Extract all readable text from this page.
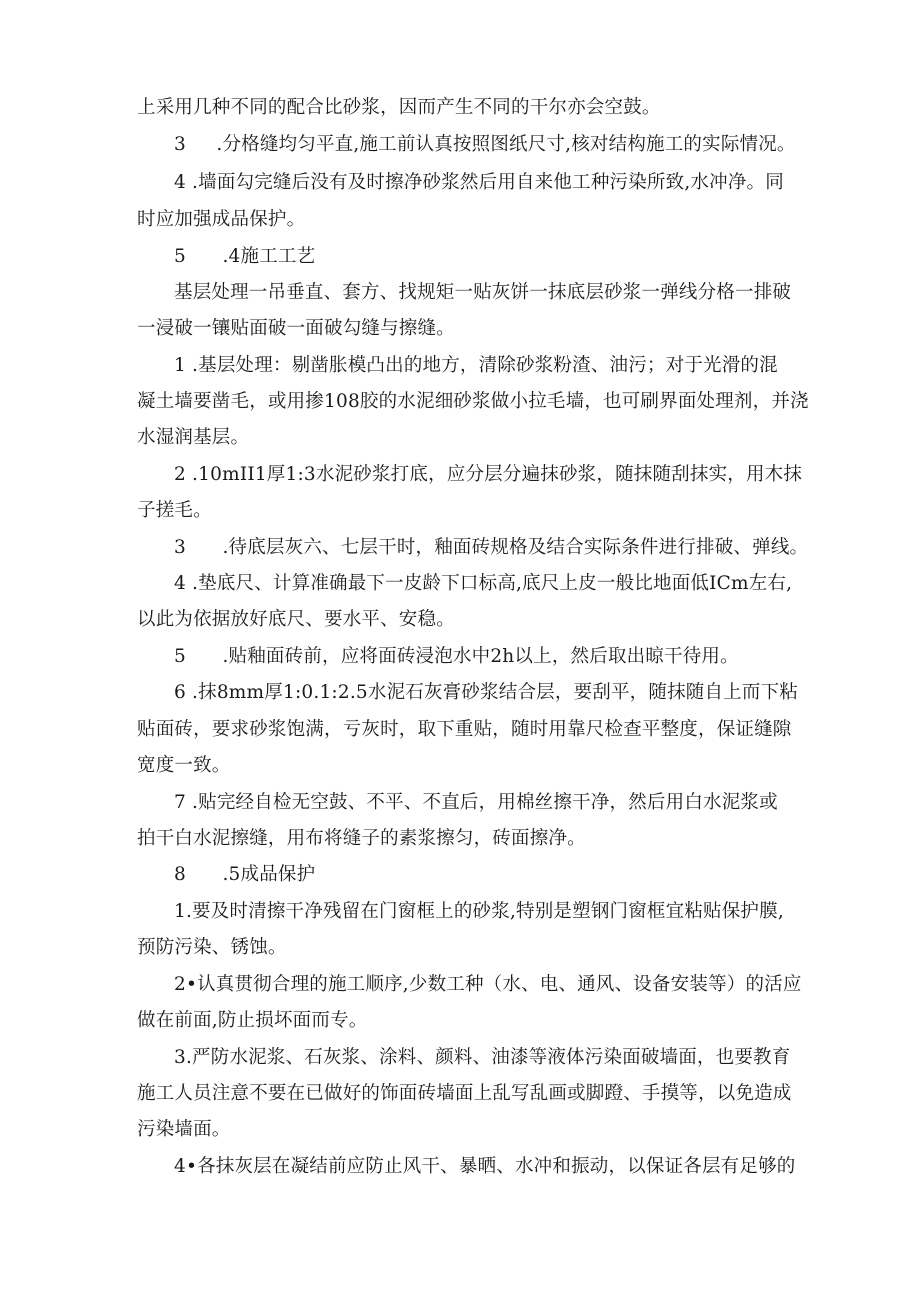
上采用几种不同的配合比砂浆，因而产生不同的干尔亦会空鼓。
3     .分格缝均匀平直,施工前认真按照图纸尺寸,核对结构施工的实际情况。
4 .墙面勾完缝后没有及时擦净砂浆然后用自来他工种污染所致,水冲净。同
时应加强成品保护。
5      .4施工工艺
基层处理一吊垂直、套方、找规矩一贴灰饼一抹底层砂浆一弹线分格一排破
一浸破一镶贴面破一面破勾缝与擦缝。
1 .基层处理：剔凿胀模凸出的地方，清除砂浆粉渣、油污；对于光滑的混
凝土墙要凿毛，或用掺108胶的水泥细砂浆做小拉毛墙，也可刷界面处理剂，并浇
水湿润基层。
2 .10mΙI1厚1:3水泥砂浆打底，应分层分遍抹砂浆，随抹随刮抹实，用木抹
子搓毛。
3      .待底层灰六、七层干时，釉面砖规格及结合实际条件进行排破、弹线。
4 .垫底尺、计算准确最下一皮龄下口标高,底尺上皮一般比地面低ICm左右,
以此为依据放好底尺、要水平、安稳。
5      .贴釉面砖前，应将面砖浸泡水中2h以上，然后取出晾干待用。
6 .抹8mm厚1:0.1:2.5水泥石灰膏砂浆结合层，要刮平，随抹随自上而下粘
贴面砖，要求砂浆饱满，亏灰时，取下重贴，随时用靠尺检查平整度，保证缝隙
宽度一致。
7 .贴完经自检无空鼓、不平、不直后，用棉丝擦干净，然后用白水泥浆或
拍干白水泥擦缝，用布将缝子的素浆擦匀，砖面擦净。
8      .5成品保护
1.要及时清擦干净残留在门窗框上的砂浆,特别是塑钢门窗框宜粘贴保护膜,
预防污染、锈蚀。
2•认真贯彻合理的施工顺序,少数工种（水、电、通风、设备安装等）的活应
做在前面,防止损坏面而专。
3.严防水泥浆、石灰浆、涂料、颜料、油漆等液体污染面破墙面，也要教育
施工人员注意不要在已做好的饰面砖墙面上乱写乱画或脚蹬、手摸等，以免造成
污染墙面。
4•各抹灰层在凝结前应防止风干、暴晒、水冲和振动，以保证各层有足够的
